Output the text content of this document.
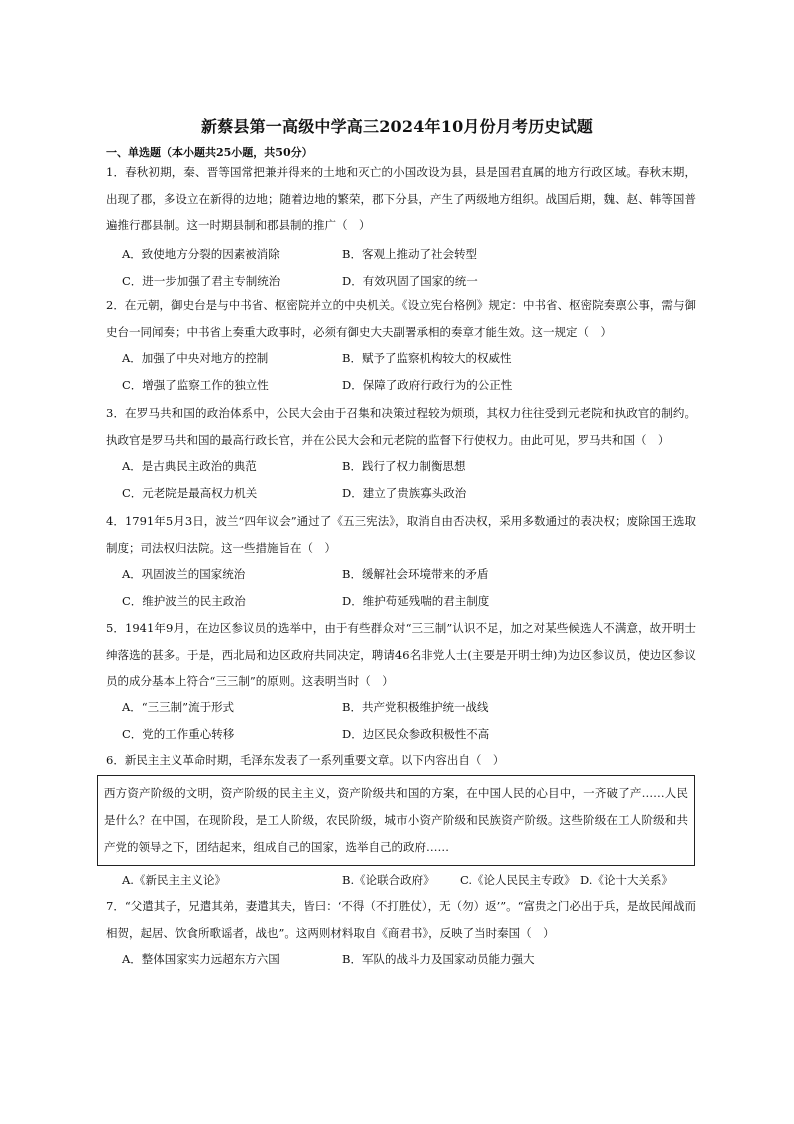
新蔡县第一高级中学高三2024年10月份月考历史试题
一、单选题（本小题共25小题，共50分）
1．春秋初期，秦、晋等国常把兼并得来的土地和灭亡的小国改设为县，县是国君直属的地方行政区域。春秋末期，出现了郡，多设立在新得的边地；随着边地的繁荣，郡下分县，产生了两级地方组织。战国后期，魏、赵、韩等国普遍推行郡县制。这一时期县制和郡县制的推广（　）
A．致使地方分裂的因素被消除	B．客观上推动了社会转型
C．进一步加强了君主专制统治	D．有效巩固了国家的统一
2．在元朝，御史台是与中书省、枢密院并立的中央机关。《设立宪台格例》规定：中书省、枢密院奏禀公事，需与御史台一同闻奏；中书省上奏重大政事时，必须有御史大夫副署承相的奏章才能生效。这一规定（　）
A．加强了中央对地方的控制	B．赋予了监察机构较大的权威性
C．增强了监察工作的独立性	D．保障了政府行政行为的公正性
3．在罗马共和国的政治体系中，公民大会由于召集和决策过程较为烦琐，其权力往往受到元老院和执政官的制约。执政官是罗马共和国的最高行政长官，并在公民大会和元老院的监督下行使权力。由此可见，罗马共和国（　）
A．是古典民主政治的典范	B．践行了权力制衡思想
C．元老院是最高权力机关	D．建立了贵族寡头政治
4．1791年5月3日，波兰“四年议会”通过了《五三宪法》，取消自由否决权，采用多数通过的表决权；废除国王选取制度；司法权归法院。这一些措施旨在（　）
A．巩固波兰的国家统治	B．缓解社会环境带来的矛盾
C．维护波兰的民主政治	D．维护苟延残喘的君主制度
5．1941年9月，在边区参议员的选举中，由于有些群众对“三三制”认识不足，加之对某些候选人不满意，故开明士绅落选的甚多。于是，西北局和边区政府共同决定，聘请46名非党人士(主要是开明士绅)为边区参议员，使边区参议员的成分基本上符合“三三制”的原则。这表明当时（　）
A．“三三制”流于形式	B．共产党积极维护统一战线
C．党的工作重心转移	D．边区民众参政积极性不高
6．新民主主义革命时期，毛泽东发表了一系列重要文章。以下内容出自（　）
西方资产阶级的文明，资产阶级的民主主义，资产阶级共和国的方案，在中国人民的心目中，一齐破了产……人民是什么？在中国，在现阶段，是工人阶级，农民阶级，城市小资产阶级和民族资产阶级。这些阶级在工人阶级和共产党的领导之下，团结起来，组成自己的国家，选举自己的政府……
A.《新民主主义论》	B.《论联合政府》 C.《论人民民主专政》 D.《论十大关系》
7．“父遣其子，兄遣其弟，妻遣其夫，皆曰：‘不得（不打胜仗），无（勿）返’”。“富贵之门必出于兵，是故民闻战而相贺，起居、饮食所歌谣者，战也”。这两则材料取自《商君书》，反映了当时秦国（　）
A．整体国家实力远超东方六国	B．军队的战斗力及国家动员能力强大
